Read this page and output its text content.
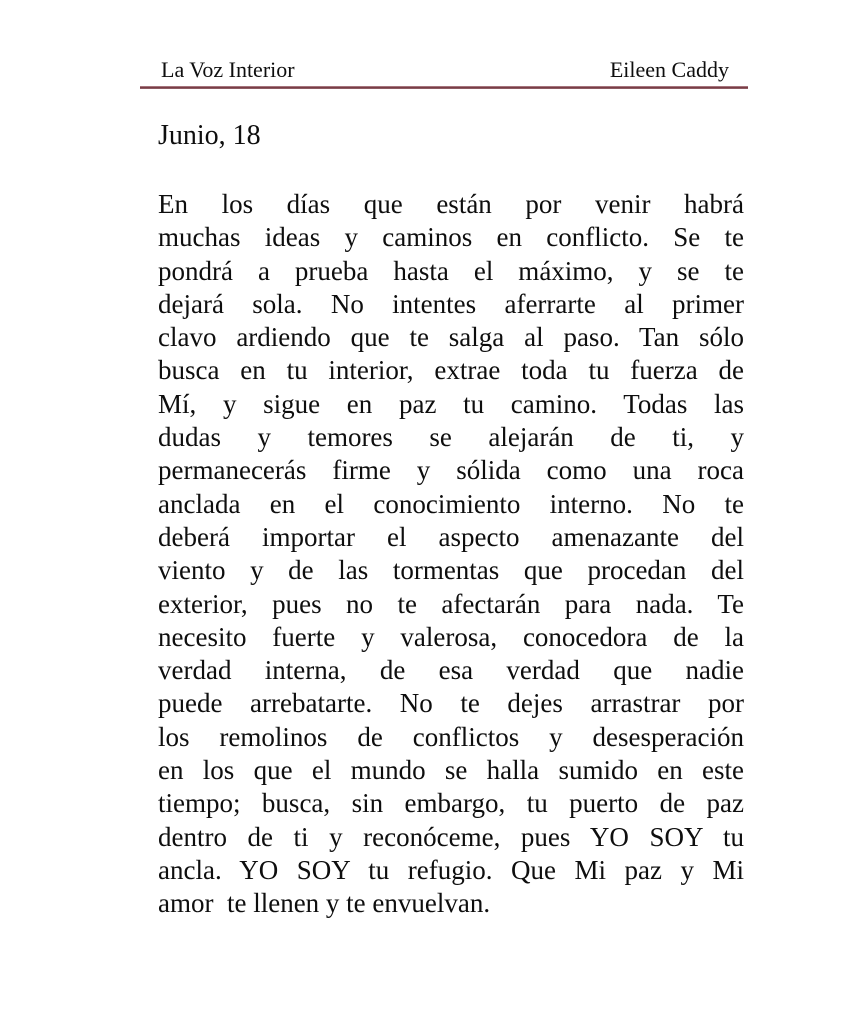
La Voz Interior	Eileen Caddy
Junio, 18
En los días que están por venir habrá
muchas ideas y caminos en conflicto. Se te
pondrá a prueba hasta el máximo, y se te
dejará sola. No intentes aferrarte al primer
clavo ardiendo que te salga al paso. Tan sólo
busca en tu interior, extrae toda tu fuerza de
Mí, y sigue en paz tu camino. Todas las
dudas y temores se alejarán de ti, y
permanecerás firme y sólida como una roca
anclada en el conocimiento interno. No te
deberá importar el aspecto amenazante del
viento y de las tormentas que procedan del
exterior, pues no te afectarán para nada. Te
necesito fuerte y valerosa, conocedora de la
verdad interna, de esa verdad que nadie
puede arrebatarte. No te dejes arrastrar por
los remolinos de conflictos y desesperación
en los que el mundo se halla sumido en este
tiempo; busca, sin embargo, tu puerto de paz
dentro de ti y reconóceme, pues YO SOY tu
ancla. YO SOY tu refugio. Que Mi paz y Mi
amor  te llenen y te envuelvan.
